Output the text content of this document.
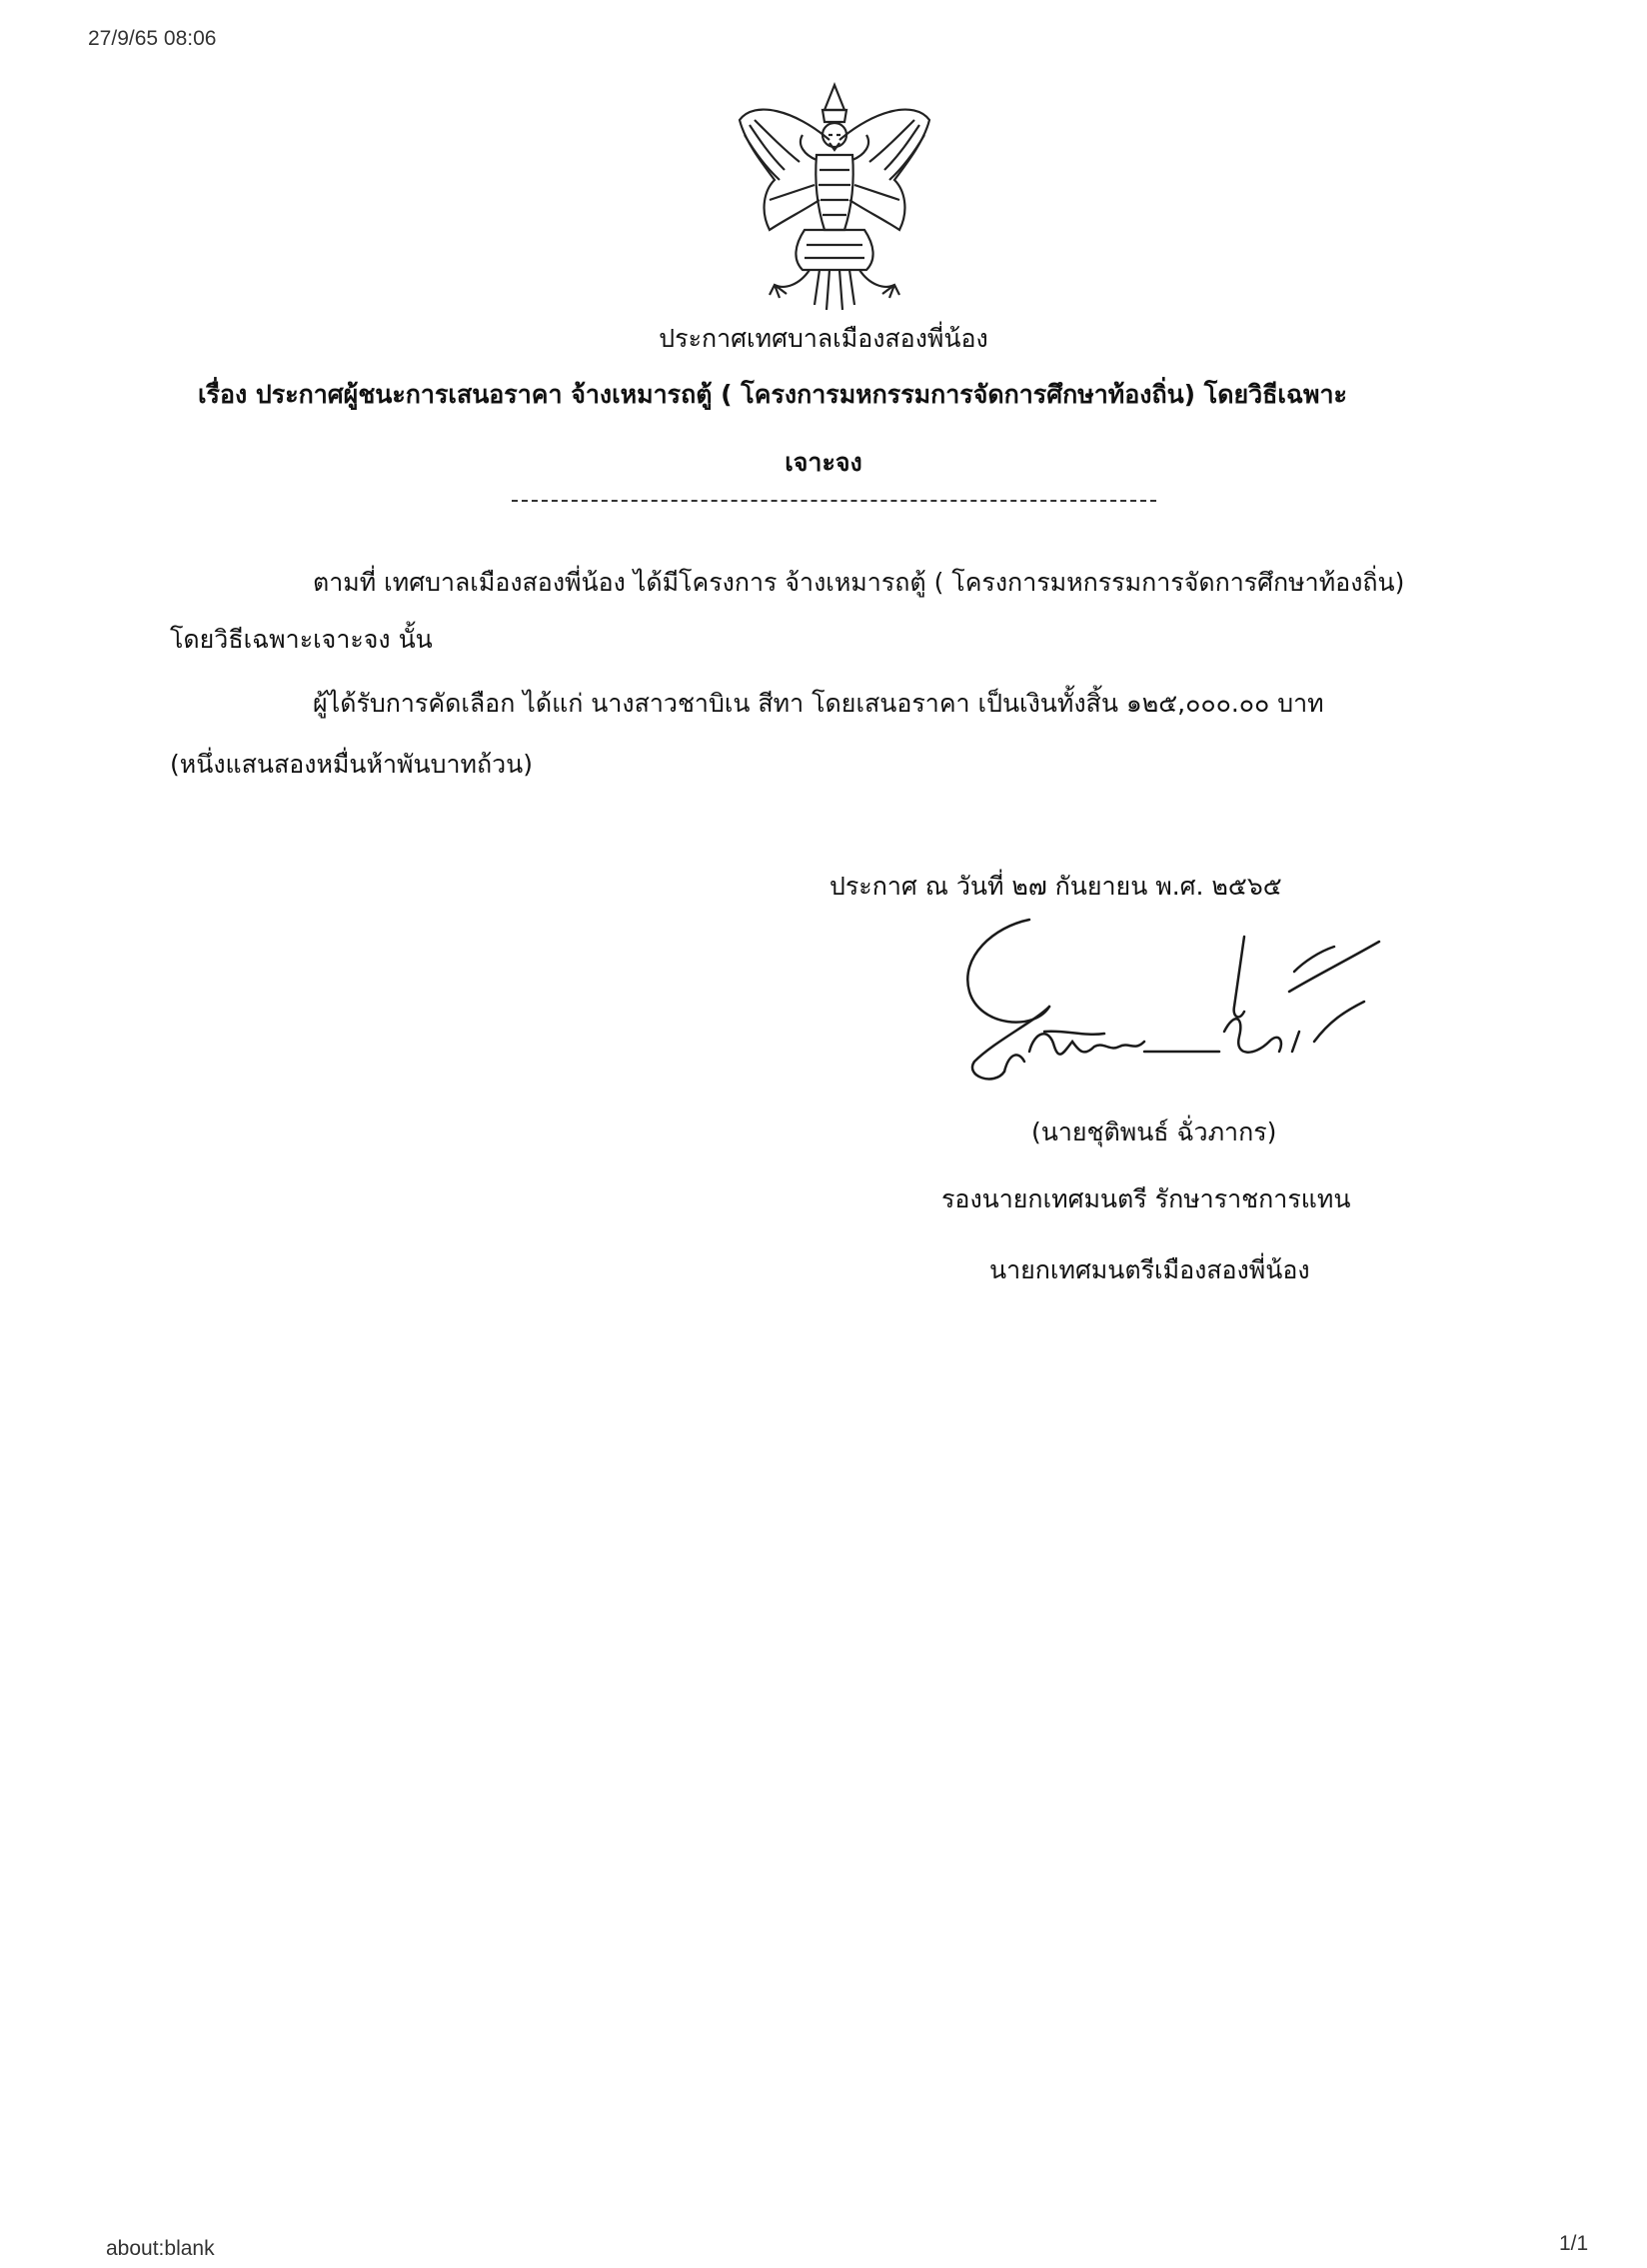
27/9/65 08:06
ประกาศเทศบาลเมืองสองพี่น้อง
เรื่อง ประกาศผู้ชนะการเสนอราคา จ้างเหมารถตู้ ( โครงการมหกรรมการจัดการศึกษาท้องถิ่น) โดยวิธีเฉพาะ
เจาะจง
ตามที่ เทศบาลเมืองสองพี่น้อง ได้มีโครงการ จ้างเหมารถตู้ ( โครงการมหกรรมการจัดการศึกษาท้องถิ่น)
โดยวิธีเฉพาะเจาะจง นั้น
ผู้ได้รับการคัดเลือก ได้แก่ นางสาวชาบิเน สีทา โดยเสนอราคา เป็นเงินทั้งสิ้น ๑๒๕,๐๐๐.๐๐ บาท
(หนึ่งแสนสองหมื่นห้าพันบาทถ้วน)
ประกาศ ณ วันที่ ๒๗ กันยายน พ.ศ. ๒๕๖๕
(นายชุติพนธ์ ฉั่วภากร)
รองนายกเทศมนตรี รักษาราชการแทน
นายกเทศมนตรีเมืองสองพี่น้อง
about:blank	1/1
